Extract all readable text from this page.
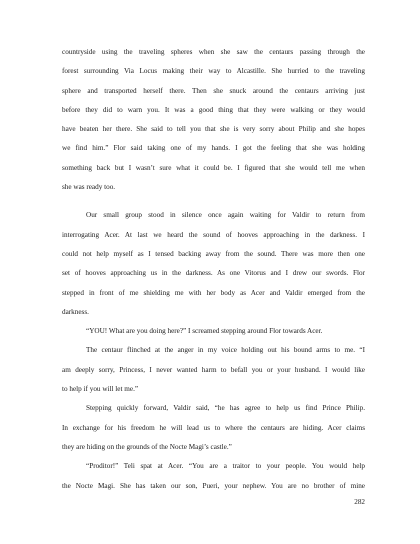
countryside using the traveling spheres when she saw the centaurs passing through the
forest surrounding Via Locus making their way to Alcastille. She hurried to the traveling
sphere and transported herself there. Then she snuck around the centaurs arriving just
before they did to warn you. It was a good thing that they were walking or they would
have beaten her there. She said to tell you that she is very sorry about Philip and she hopes
we find him.” Flor said taking one of my hands. I got the feeling that she was holding
something back but I wasn’t sure what it could be. I figured that she would tell me when
she was ready too.
Our small group stood in silence once again waiting for Valdir to return from
interrogating Acer. At last we heard the sound of hooves approaching in the darkness. I
could not help myself as I tensed backing away from the sound. There was more then one
set of hooves approaching us in the darkness. As one Vitorus and I drew our swords. Flor
stepped in front of me shielding me with her body as Acer and Valdir emerged from the
darkness.
“YOU! What are you doing here?” I screamed stepping around Flor towards Acer.
The centaur flinched at the anger in my voice holding out his bound arms to me. “I
am deeply sorry, Princess, I never wanted harm to befall you or your husband. I would like
to help if you will let me.”
Stepping quickly forward, Valdir said, “he has agree to help us find Prince Philip.
In exchange for his freedom he will lead us to where the centaurs are hiding. Acer claims
they are hiding on the grounds of the Nocte Magi’s castle.”
“Proditor!” Teli spat at Acer. “You are a traitor to your people. You would help
the Nocte Magi. She has taken our son, Pueri, your nephew. You are no brother of mine
282
